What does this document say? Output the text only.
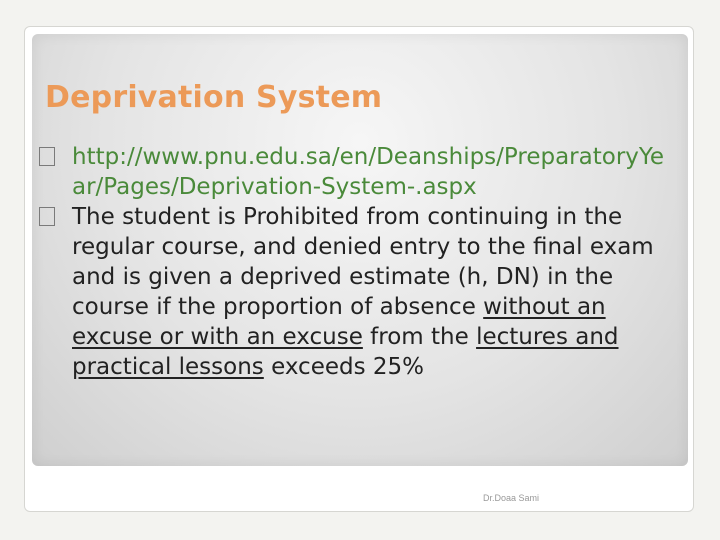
Deprivation System
http://www.pnu.edu.sa/en/Deanships/PreparatoryYear/Pages/Deprivation-System-.aspx
The student is Prohibited from continuing in the regular course, and denied entry to the final exam and is given a deprived estimate (h, DN) in the course if the proportion of absence without an excuse or with an excuse from the lectures and practical lessons exceeds 25%
Dr.Doaa Sami
